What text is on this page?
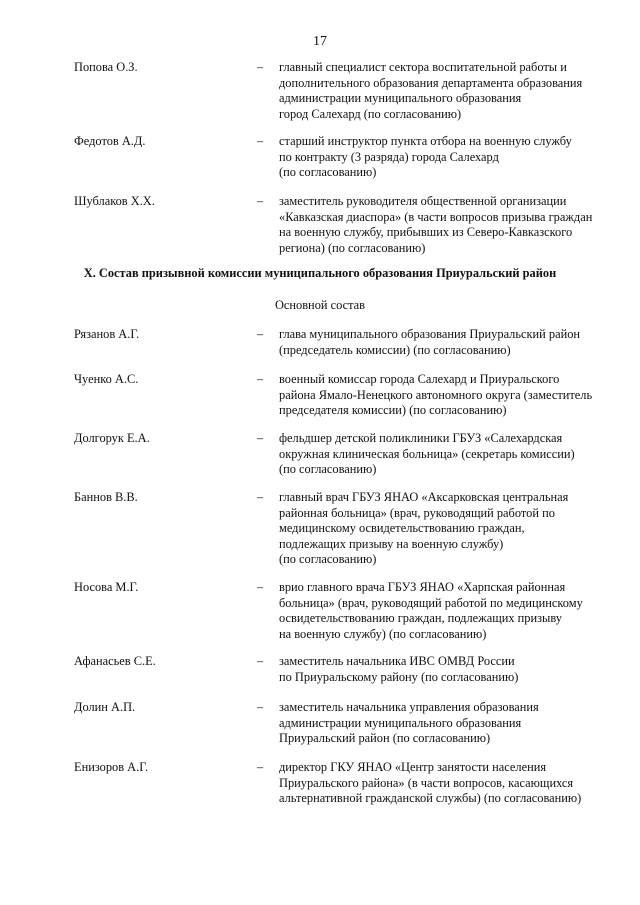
17
Попова О.З.	– главный специалист сектора воспитательной работы и
дополнительного образования департамента образования
администрации муниципального образования
город Салехард (по согласованию)
Федотов А.Д.	– старший инструктор пункта отбора на военную службу
по контракту (3 разряда) города Салехард
(по согласованию)
Шублаков Х.Х.	– заместитель руководителя общественной организации
«Кавказская диаспора» (в части вопросов призыва граждан
на военную службу, прибывших из Северо-Кавказского
региона) (по согласованию)
X. Состав призывной комиссии муниципального образования Приуральский район
Основной состав
Рязанов А.Г.	– глава муниципального образования Приуральский район
(председатель комиссии) (по согласованию)
Чуенко А.С.	– военный комиссар города Салехард и Приуральского
района Ямало-Ненецкого автономного округа (заместитель
председателя комиссии) (по согласованию)
Долгорук Е.А.	– фельдшер детской поликлиники ГБУЗ «Салехардская
окружная клиническая больница» (секретарь комиссии)
(по согласованию)
Баннов В.В.	– главный врач ГБУЗ ЯНАО «Аксарковская центральная
районная больница» (врач, руководящий работой по
медицинскому освидетельствованию граждан,
подлежащих призыву на военную службу)
(по согласованию)
Носова М.Г.	– врио главного врача ГБУЗ ЯНАО «Харпская районная
больница» (врач, руководящий работой по медицинскому
освидетельствованию граждан, подлежащих призыву
на военную службу) (по согласованию)
Афанасьев С.Е.	– заместитель начальника ИВС ОМВД России
по Приуральскому району (по согласованию)
Долин А.П.	– заместитель начальника управления образования
администрации муниципального образования
Приуральский район (по согласованию)
Енизоров А.Г.	– директор ГКУ ЯНАО «Центр занятости населения
Приуральского района» (в части вопросов, касающихся
альтернативной гражданской службы) (по согласованию)
